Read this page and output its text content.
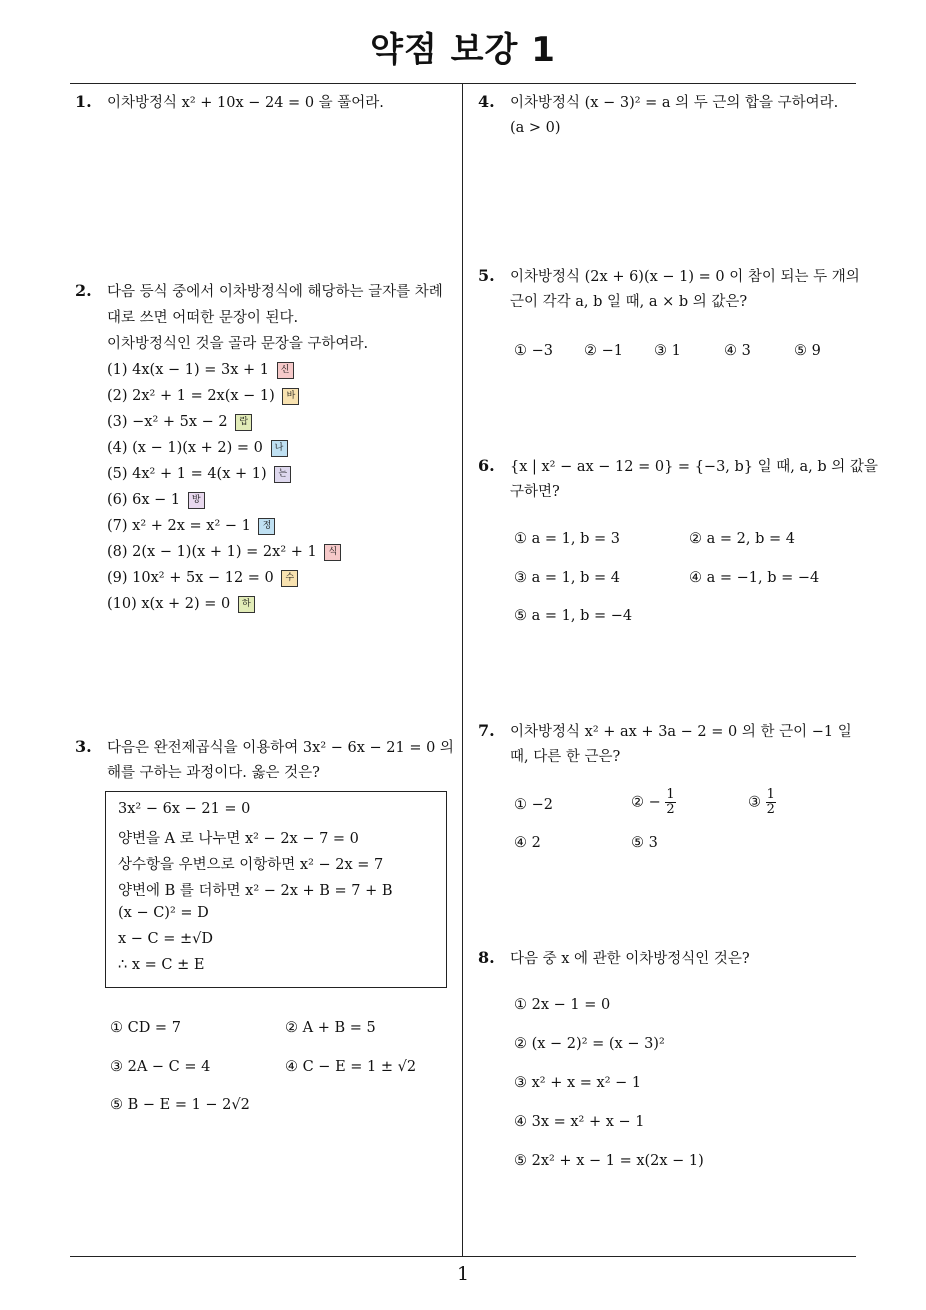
약점 보강 1
1
1. 이차방정식 x² + 10x − 24 = 0 을 풀어라.
2. 다음 등식 중에서 이차방정식에 해당하는 글자를 차례
대로 쓰면 어떠한 문장이 된다.
이차방정식인 것을 골라 문장을 구하여라.
(1) 4x(x − 1) = 3x + 1 신
(2) 2x² + 1 = 2x(x − 1) 바
(3) −x² + 5x − 2 랍
(4) (x − 1)(x + 2) = 0 나
(5) 4x² + 1 = 4(x + 1) 는
(6) 6x − 1 방
(7) x² + 2x = x² − 1 정
(8) 2(x − 1)(x + 1) = 2x² + 1 식
(9) 10x² + 5x − 12 = 0 수
(10) x(x + 2) = 0 하
3. 다음은 완전제곱식을 이용하여 3x² − 6x − 21 = 0 의
해를 구하는 과정이다. 옳은 것은?
3x² − 6x − 21 = 0
양변을 A 로 나누면 x² − 2x − 7 = 0
상수항을 우변으로 이항하면 x² − 2x = 7
양변에 B 를 더하면 x² − 2x + B = 7 + B
(x − C)² = D
x − C = ±√D
∴ x = C ± E
① CD = 7	② A + B = 5
③ 2A − C = 4	④ C − E = 1 ± √2
⑤ B − E = 1 − 2√2
4. 이차방정식 (x − 3)² = a 의 두 근의 합을 구하여라.
(a > 0)
5. 이차방정식 (2x + 6)(x − 1) = 0 이 참이 되는 두 개의
근이 각각 a, b 일 때, a × b 의 값은?
① −3 ② −1 ③ 1	④ 3	⑤ 9
6. {x | x² − ax − 12 = 0} = {−3, b} 일 때, a, b 의 값을
구하면?
① a = 1, b = 3	② a = 2, b = 4
③ a = 1, b = 4	④ a = −1, b = −4
⑤ a = 1, b = −4
7. 이차방정식 x² + ax + 3a − 2 = 0 의 한 근이 −1 일
때, 다른 한 근은?
① −2	② − $\frac{1}{2}$	③ $\frac{1}{2}$
④ 2	⑤ 3
8. 다음 중 x 에 관한 이차방정식인 것은?
① 2x − 1 = 0
② (x − 2)² = (x − 3)²
③ x² + x = x² − 1
④ 3x = x² + x − 1
⑤ 2x² + x − 1 = x(2x − 1)
